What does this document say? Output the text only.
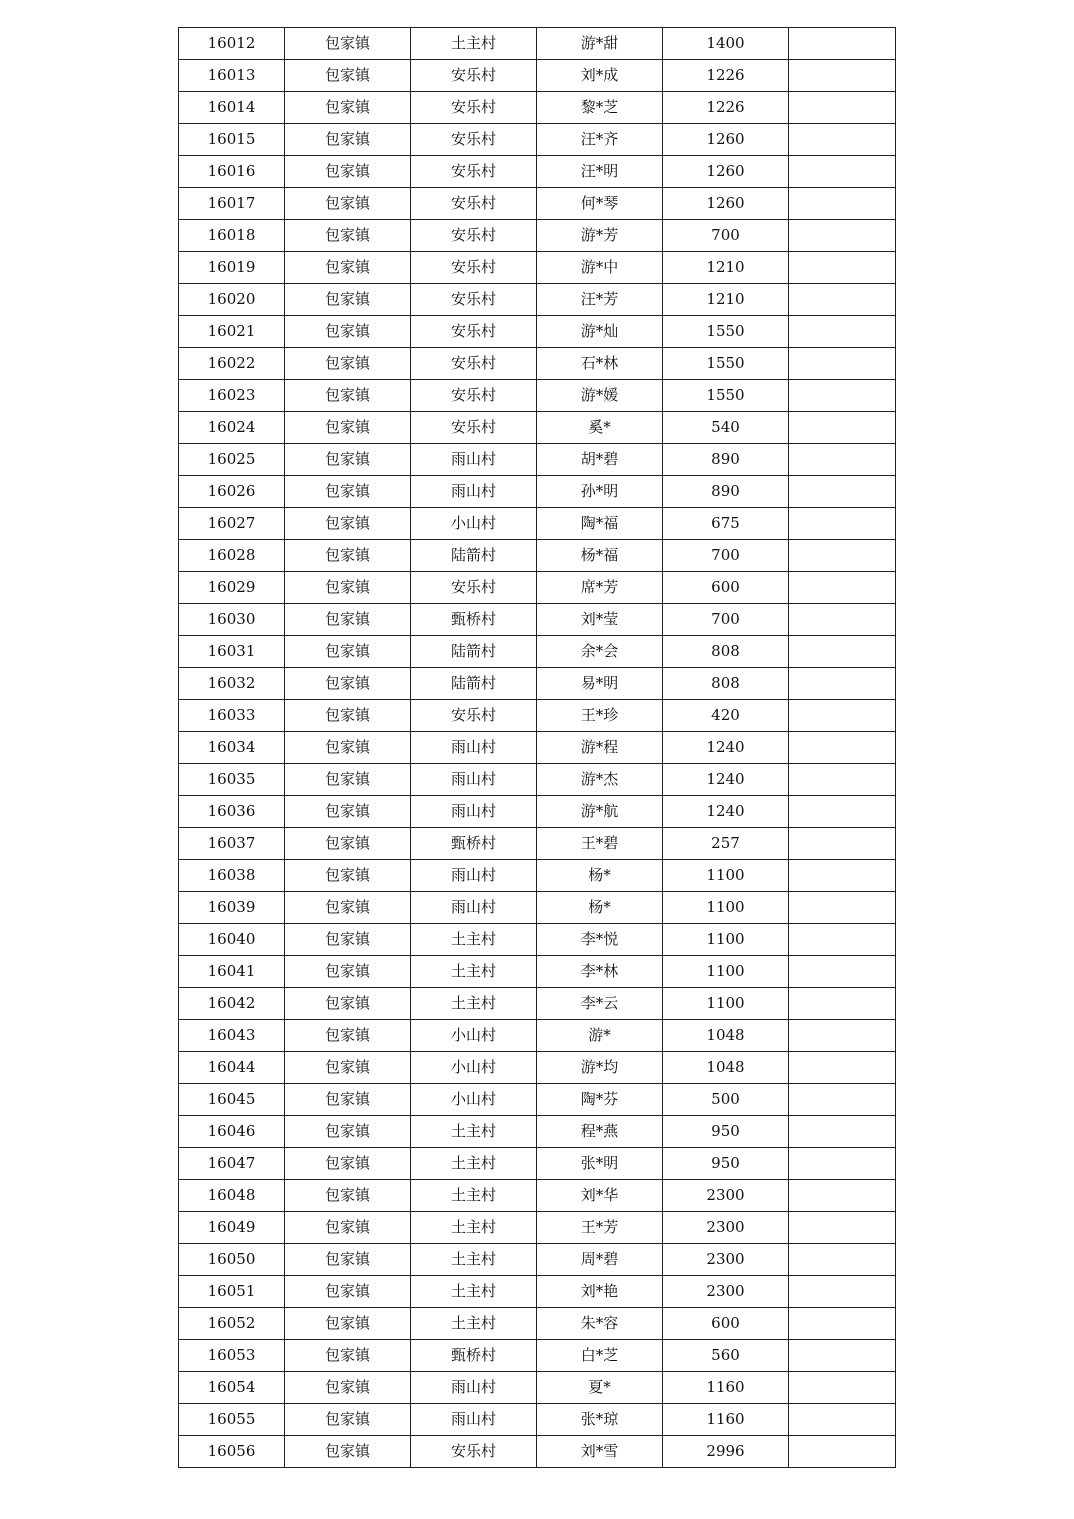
16012	包家镇	土主村	游*甜	1400	
16013	包家镇	安乐村	刘*成	1226	
16014	包家镇	安乐村	黎*芝	1226	
16015	包家镇	安乐村	汪*齐	1260	
16016	包家镇	安乐村	汪*明	1260	
16017	包家镇	安乐村	何*琴	1260	
16018	包家镇	安乐村	游*芳	700	
16019	包家镇	安乐村	游*中	1210	
16020	包家镇	安乐村	汪*芳	1210	
16021	包家镇	安乐村	游*灿	1550	
16022	包家镇	安乐村	石*林	1550	
16023	包家镇	安乐村	游*媛	1550	
16024	包家镇	安乐村	奚*	540	
16025	包家镇	雨山村	胡*碧	890	
16026	包家镇	雨山村	孙*明	890	
16027	包家镇	小山村	陶*福	675	
16028	包家镇	陆箭村	杨*福	700	
16029	包家镇	安乐村	席*芳	600	
16030	包家镇	甄桥村	刘*莹	700	
16031	包家镇	陆箭村	余*会	808	
16032	包家镇	陆箭村	易*明	808	
16033	包家镇	安乐村	王*珍	420	
16034	包家镇	雨山村	游*程	1240	
16035	包家镇	雨山村	游*杰	1240	
16036	包家镇	雨山村	游*航	1240	
16037	包家镇	甄桥村	王*碧	257	
16038	包家镇	雨山村	杨*	1100	
16039	包家镇	雨山村	杨*	1100	
16040	包家镇	土主村	李*悦	1100	
16041	包家镇	土主村	李*林	1100	
16042	包家镇	土主村	李*云	1100	
16043	包家镇	小山村	游*	1048	
16044	包家镇	小山村	游*均	1048	
16045	包家镇	小山村	陶*芬	500	
16046	包家镇	土主村	程*燕	950	
16047	包家镇	土主村	张*明	950	
16048	包家镇	土主村	刘*华	2300	
16049	包家镇	土主村	王*芳	2300	
16050	包家镇	土主村	周*碧	2300	
16051	包家镇	土主村	刘*艳	2300	
16052	包家镇	土主村	朱*容	600	
16053	包家镇	甄桥村	白*芝	560	
16054	包家镇	雨山村	夏*	1160	
16055	包家镇	雨山村	张*琼	1160	
16056	包家镇	安乐村	刘*雪	2996	
